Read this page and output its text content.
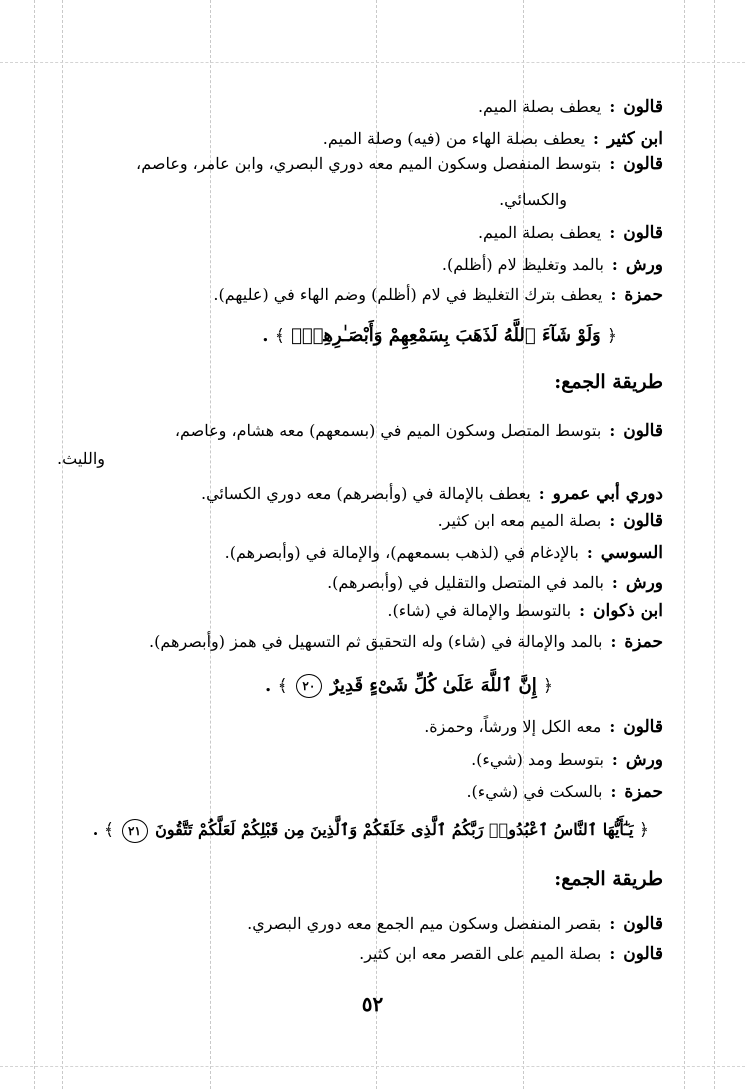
قالون:يعطف بصلة الميم.
ابن كثير:يعطف بصلة الهاء من (فيه) وصلة الميم.
قالون:بتوسط المنفصل وسكون الميم معه دوري البصري، وابن عامر، وعاصم،
والكسائي.
قالون:يعطف بصلة الميم.
ورش:بالمد وتغليظ لام (أظلم).
حمزة:يعطف بترك التغليظ في لام (أظلم) وضم الهاء في (عليهم).
﴿ وَلَوْ شَآءَ ٱللَّهُ لَذَهَبَ بِسَمْعِهِمْ وَأَبْصَـٰرِهِمْۚ ﴾ .
طريقة الجمع:
قالون:بتوسط المتصل وسكون الميم في (بسمعهم) معه هشام، وعاصم،
والليث.
دوري أبي عمرو:يعطف بالإمالة في (وأبصرهم) معه دوري الكسائي.
قالون:بصلة الميم معه ابن كثير.
السوسي:بالإدغام في (لذهب بسمعهم)، والإمالة في (وأبصرهم).
ورش:بالمد في المتصل والتقليل في (وأبصرهم).
ابن ذكوان:بالتوسط والإمالة في (شاء).
حمزة:بالمد والإمالة في (شاء) وله التحقيق ثم التسهيل في همز (وأبصرهم).
﴿ إِنَّ ٱللَّهَ عَلَىٰ كُلِّ شَىْءٍ قَدِيرٌ ٢٠ ﴾ .
قالون:معه الكل إلا ورشاً، وحمزة.
ورش:بتوسط ومد (شيء).
حمزة:بالسكت في (شيء).
﴿ يَـٰٓأَيُّهَا ٱلنَّاسُ ٱعْبُدُوا۟ رَبَّكُمُ ٱلَّذِى خَلَقَكُمْ وَٱلَّذِينَ مِن قَبْلِكُمْ لَعَلَّكُمْ تَتَّقُونَ ٢١ ﴾ .
طريقة الجمع:
قالون:بقصر المنفصل وسكون ميم الجمع معه دوري البصري.
قالون:بصلة الميم على القصر معه ابن كثير.
٥٢
